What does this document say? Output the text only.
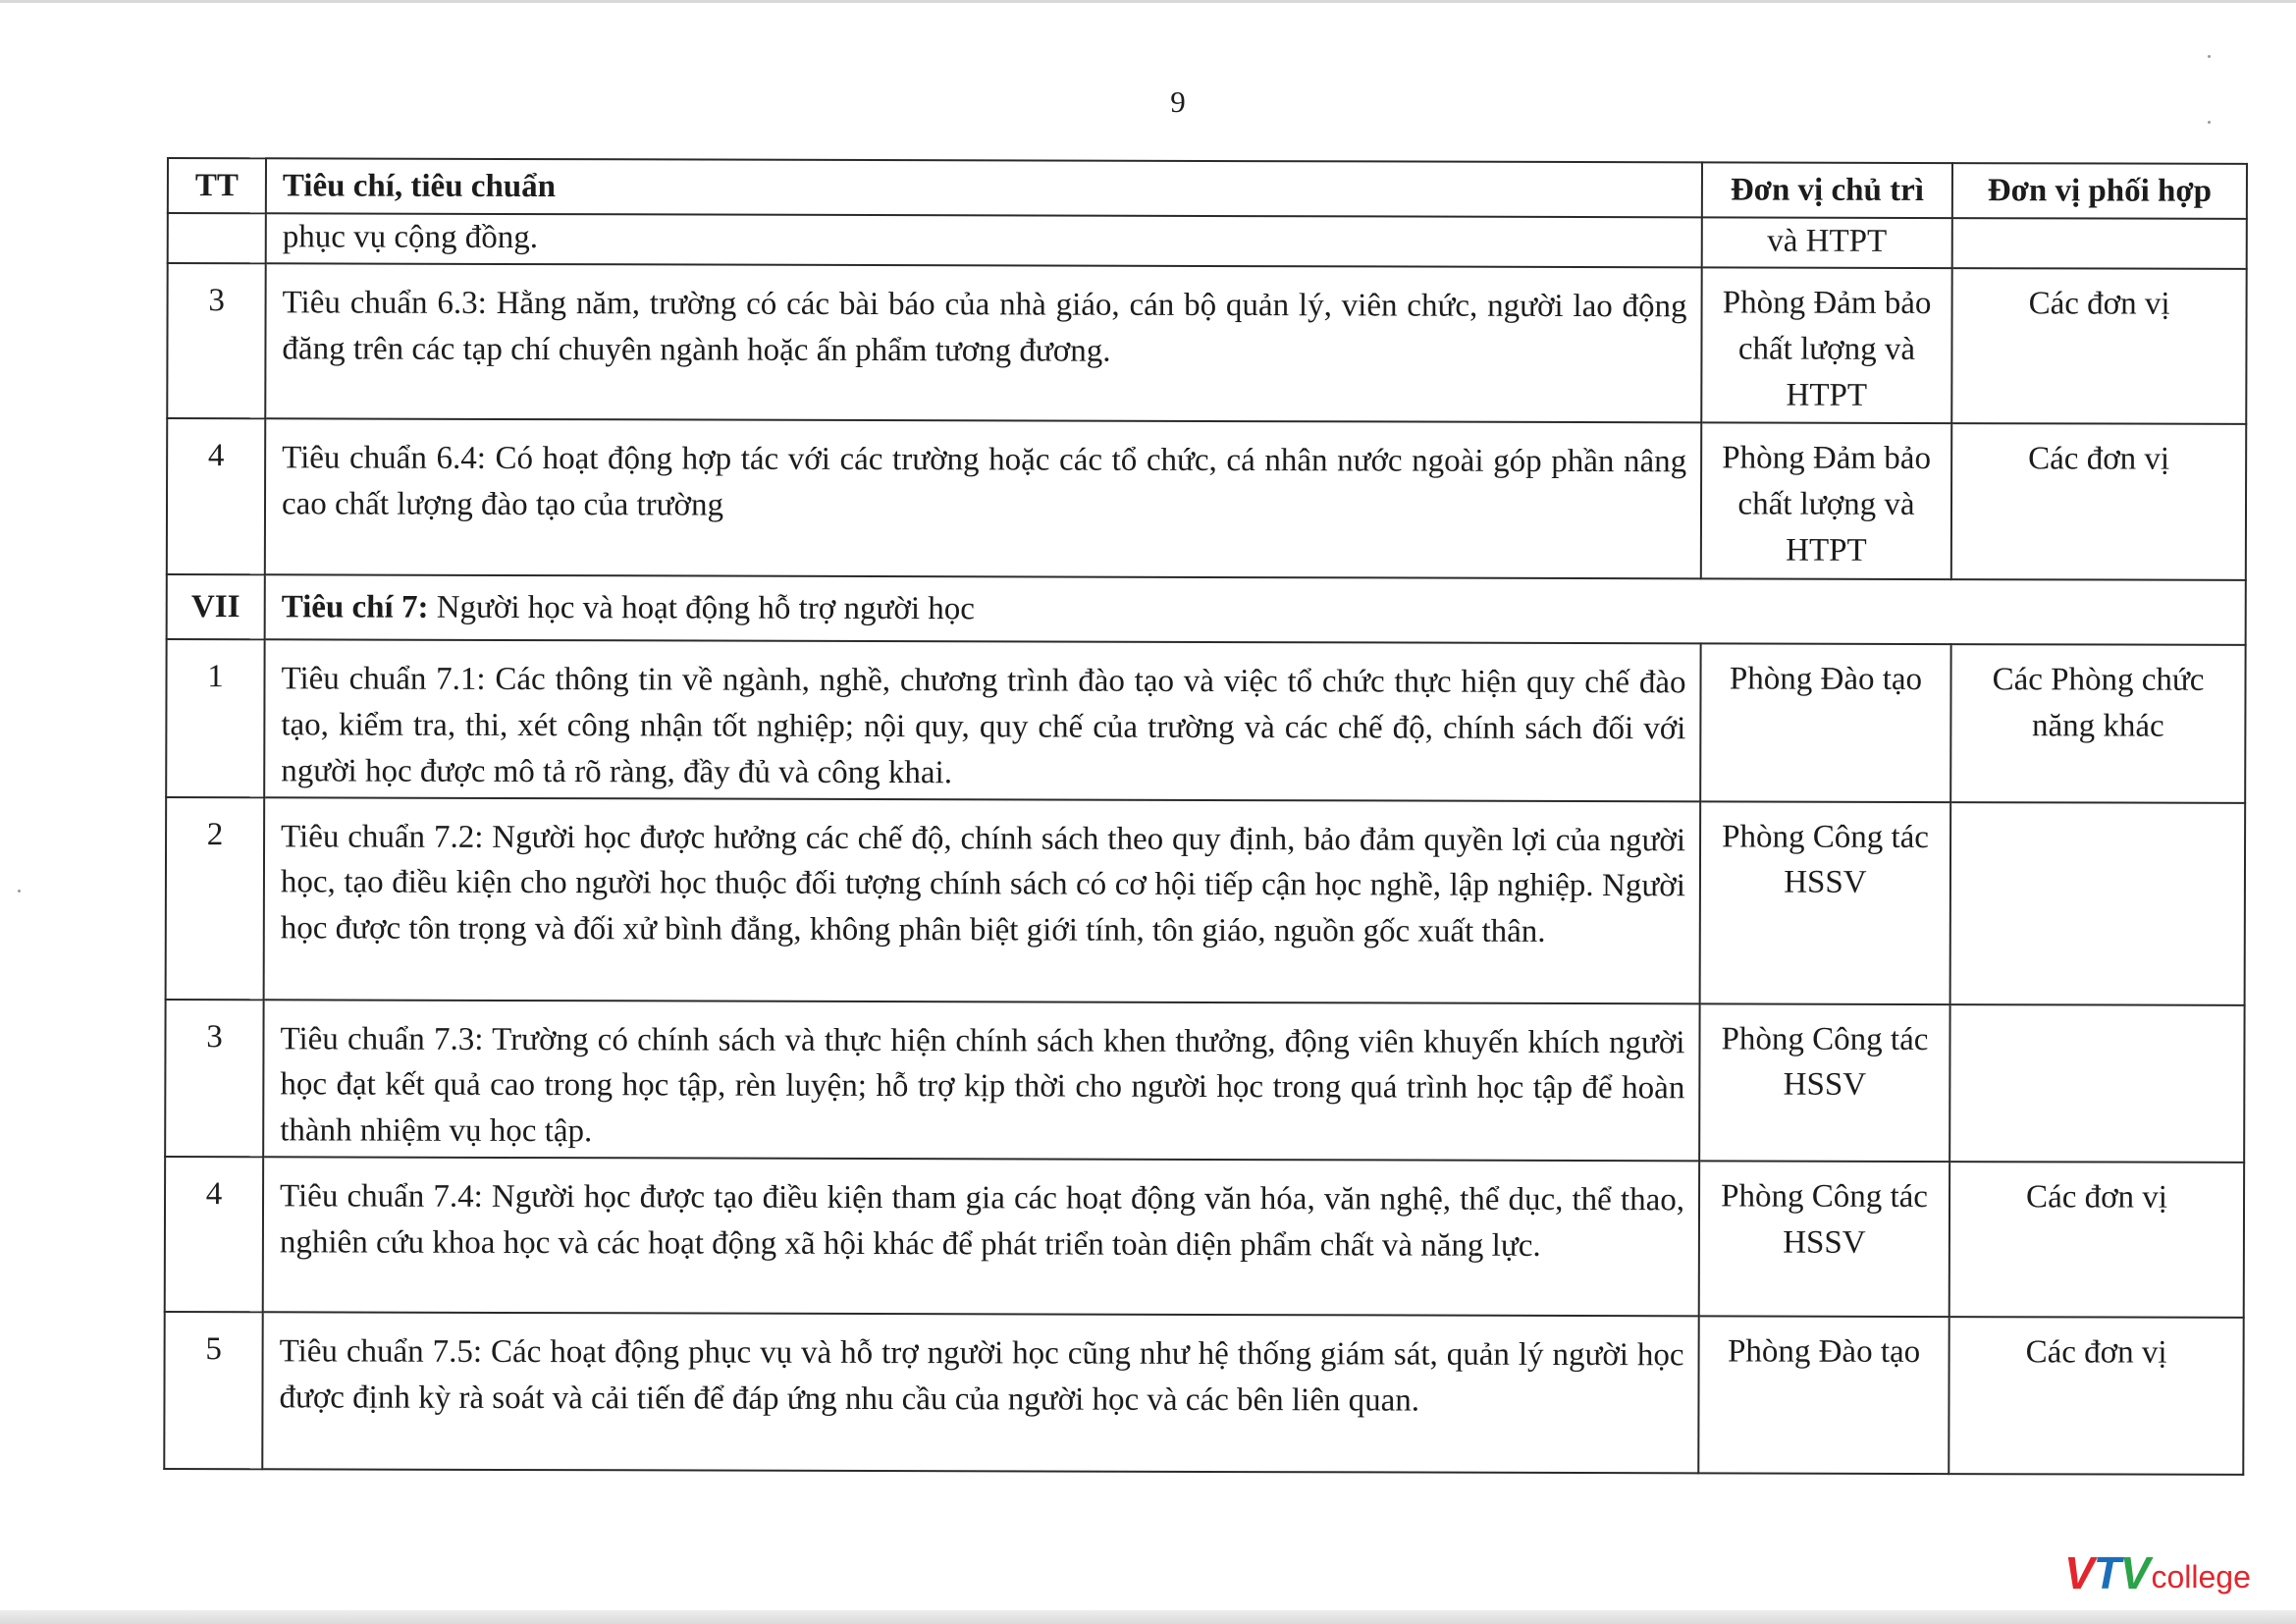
9
TT	Tiêu chí, tiêu chuẩn	Đơn vị chủ trì	Đơn vị phối hợp
	phục vụ cộng đồng.	và HTPT	
3	Tiêu chuẩn 6.3: Hằng năm, trường có các bài báo của nhà giáo, cán bộ quản lý, viên chức, người lao động đăng trên các tạp chí chuyên ngành hoặc ấn phẩm tương đương.	Phòng Đảm bảo chất lượng và HTPT	Các đơn vị
4	Tiêu chuẩn 6.4: Có hoạt động hợp tác với các trường hoặc các tổ chức, cá nhân nước ngoài góp phần nâng cao chất lượng đào tạo của trường	Phòng Đảm bảo chất lượng và HTPT	Các đơn vị
VII	Tiêu chí 7: Người học và hoạt động hỗ trợ người học		
1	Tiêu chuẩn 7.1: Các thông tin về ngành, nghề, chương trình đào tạo và việc tổ chức thực hiện quy chế đào tạo, kiểm tra, thi, xét công nhận tốt nghiệp; nội quy, quy chế của trường và các chế độ, chính sách đối với người học được mô tả rõ ràng, đầy đủ và công khai.	Phòng Đào tạo	Các Phòng chức năng khác
2	Tiêu chuẩn 7.2: Người học được hưởng các chế độ, chính sách theo quy định, bảo đảm quyền lợi của người học, tạo điều kiện cho người học thuộc đối tượng chính sách có cơ hội tiếp cận học nghề, lập nghiệp. Người học được tôn trọng và đối xử bình đẳng, không phân biệt giới tính, tôn giáo, nguồn gốc xuất thân.	Phòng Công tác HSSV	
3	Tiêu chuẩn 7.3: Trường có chính sách và thực hiện chính sách khen thưởng, động viên khuyến khích người học đạt kết quả cao trong học tập, rèn luyện; hỗ trợ kịp thời cho người học trong quá trình học tập để hoàn thành nhiệm vụ học tập.	Phòng Công tác HSSV	
4	Tiêu chuẩn 7.4: Người học được tạo điều kiện tham gia các hoạt động văn hóa, văn nghệ, thể dục, thể thao, nghiên cứu khoa học và các hoạt động xã hội khác để phát triển toàn diện phẩm chất và năng lực.	Phòng Công tác HSSV	Các đơn vị
5	Tiêu chuẩn 7.5: Các hoạt động phục vụ và hỗ trợ người học cũng như hệ thống giám sát, quản lý người học được định kỳ rà soát và cải tiến để đáp ứng nhu cầu của người học và các bên liên quan.	Phòng Đào tạo	Các đơn vị
VTV college
